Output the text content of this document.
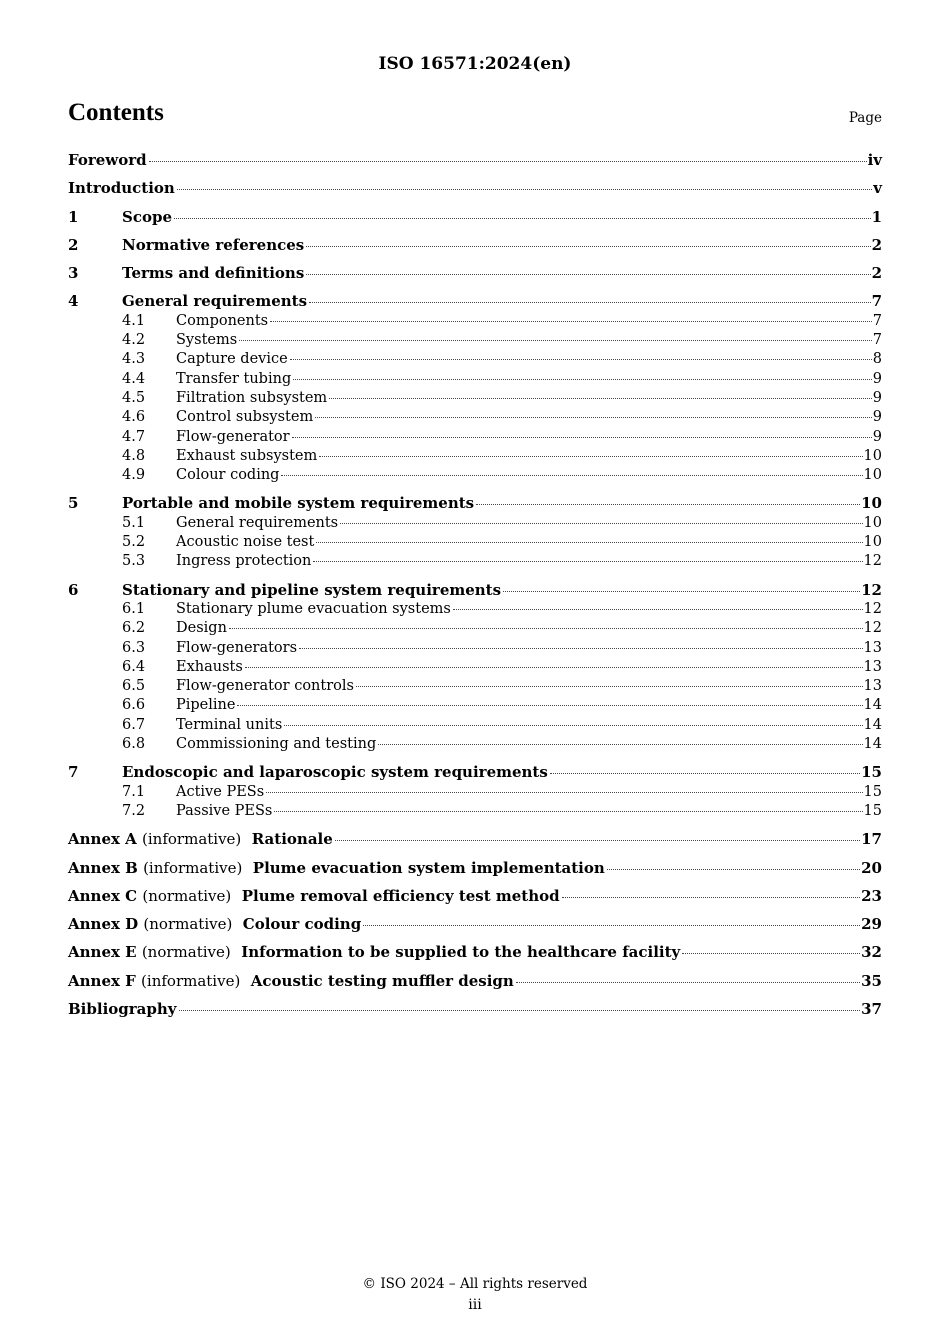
ISO 16571:2024(en)
Contents	Page
Foreword	iv
Introduction	v
1	Scope	1
2	Normative references	2
3	Terms and definitions	2
4	General requirements	7
4.1	Components	7
4.2	Systems	7
4.3	Capture device	8
4.4	Transfer tubing	9
4.5	Filtration subsystem	9
4.6	Control subsystem	9
4.7	Flow-generator	9
4.8	Exhaust subsystem	10
4.9	Colour coding	10
5	Portable and mobile system requirements	10
5.1	General requirements	10
5.2	Acoustic noise test	10
5.3	Ingress protection	12
6	Stationary and pipeline system requirements	12
6.1	Stationary plume evacuation systems	12
6.2	Design	12
6.3	Flow-generators	13
6.4	Exhausts	13
6.5	Flow-generator controls	13
6.6	Pipeline	14
6.7	Terminal units	14
6.8	Commissioning and testing	14
7	Endoscopic and laparoscopic system requirements	15
7.1	Active PESs	15
7.2	Passive PESs	15
Annex A (informative) Rationale	17
Annex B (informative) Plume evacuation system implementation	20
Annex C (normative) Plume removal efficiency test method	23
Annex D (normative) Colour coding	29
Annex E (normative) Information to be supplied to the healthcare facility	32
Annex F (informative) Acoustic testing muffler design	35
Bibliography	37
© ISO 2024 – All rights reserved
iii
